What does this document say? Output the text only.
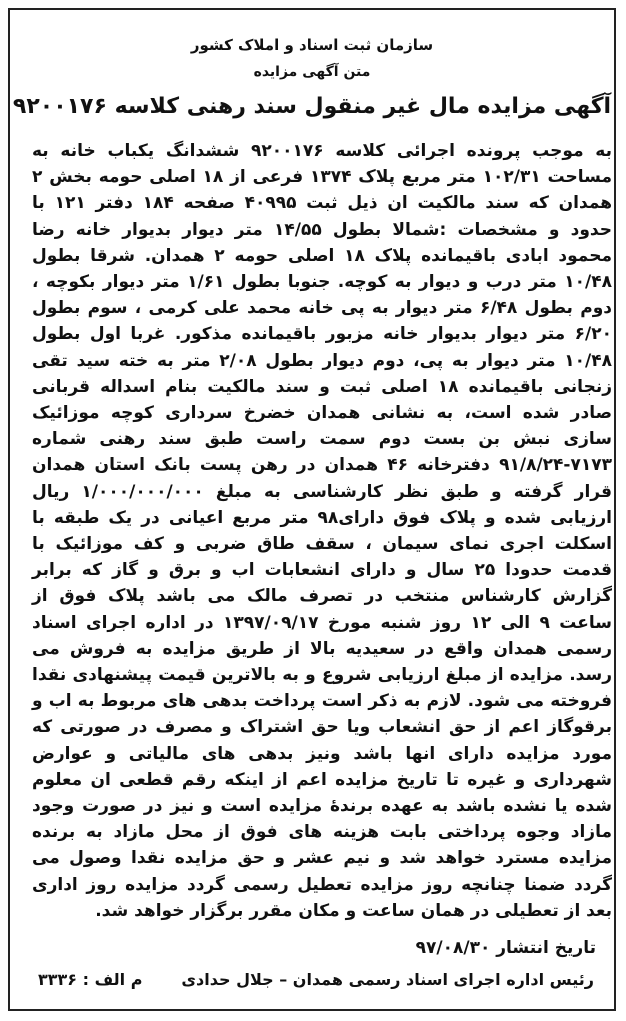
سازمان ثبت اسناد و املاک کشور
متن آگهی مزایده
آگهی مزایده مال غیر منقول سند رهنی کلاسه ۹۲۰۰۱۷۶
به موجب پرونده اجرائی کلاسه ۹۲۰۰۱۷۶ ششدانگ یکباب خانه به مساحت ۱۰۲/۳۱ متر مربع پلاک ۱۳۷۴ فرعی از ۱۸ اصلی حومه بخش ۲ همدان که سند مالکیت ان ذیل ثبت ۴۰۹۹۵ صفحه ۱۸۴ دفتر ۱۲۱ با حدود و مشخصات :شمالا بطول ۱۴/۵۵ متر دیوار بدیوار خانه رضا محمود ابادی باقیمانده پلاک ۱۸ اصلی حومه ۲ همدان. شرقا بطول ۱۰/۴۸ متر درب و دیوار به کوچه. جنوبا بطول ۱/۶۱ متر دیوار بکوچه ، دوم بطول ۶/۴۸ متر دیوار به پی خانه محمد علی کرمی ، سوم بطول ۶/۲۰ متر دیوار بدیوار خانه مزبور باقیمانده مذکور. غربا اول بطول ۱۰/۴۸ متر دیوار به پی، دوم دیوار بطول ۲/۰۸ متر به خته سید تقی زنجانی باقیمانده ۱۸ اصلی ثبت و سند مالکیت بنام اسداله قربانی صادر شده است، به نشانی همدان خضرخ سرداری کوچه موزائیک سازی نبش بن بست دوم سمت راست طبق سند رهنی شماره ۷۱۷۳-۹۱/۸/۲۴ دفترخانه ۴۶ همدان در رهن پست بانک استان همدان قرار گرفته و طبق نظر کارشناسی به مبلغ ۱/۰۰۰/۰۰۰/۰۰۰ ریال ارزیابی شده و پلاک فوق دارای۹۸ متر مربع اعیانی در یک طبقه با اسکلت اجری نمای سیمان ، سقف طاق ضربی و کف موزائیک با قدمت حدودا ۲۵ سال و دارای انشعابات اب و برق و گاز که برابر گزارش کارشناس منتخب در تصرف مالک می باشد پلاک فوق از ساعت ۹ الی ۱۲ روز شنبه مورخ ۱۳۹۷/۰۹/۱۷ در اداره اجرای اسناد رسمی همدان واقع در سعیدیه بالا از طریق مزایده به فروش می رسد. مزایده از مبلغ ارزیابی شروع و به بالاترین قیمت پیشنهادی نقدا فروخته می شود. لازم به ذکر است پرداخت بدهی های مربوط به اب و برقوگاز اعم از حق انشعاب ویا حق اشتراک و مصرف در صورتی که مورد مزایده دارای انها باشد ونیز بدهی های مالیاتی و عوارض شهرداری و غیره تا تاریخ مزایده اعم از اینکه رقم قطعی ان معلوم شده یا نشده باشد به عهده برندهٔ مزایده است و نیز در صورت وجود مازاد وجوه پرداختی بابت هزینه های فوق از محل مازاد به برنده مزایده مسترد خواهد شد و نیم عشر و حق مزایده نقدا وصول می گردد ضمنا چنانچه روز مزایده تعطیل رسمی گردد مزایده روز اداری بعد از تعطیلی در همان ساعت و مکان مقرر برگزار خواهد شد.
تاریخ انتشار ۹۷/۰۸/۳۰
رئیس اداره اجرای اسناد رسمی همدان – جلال حدادی
م الف : ۳۳۳۶
